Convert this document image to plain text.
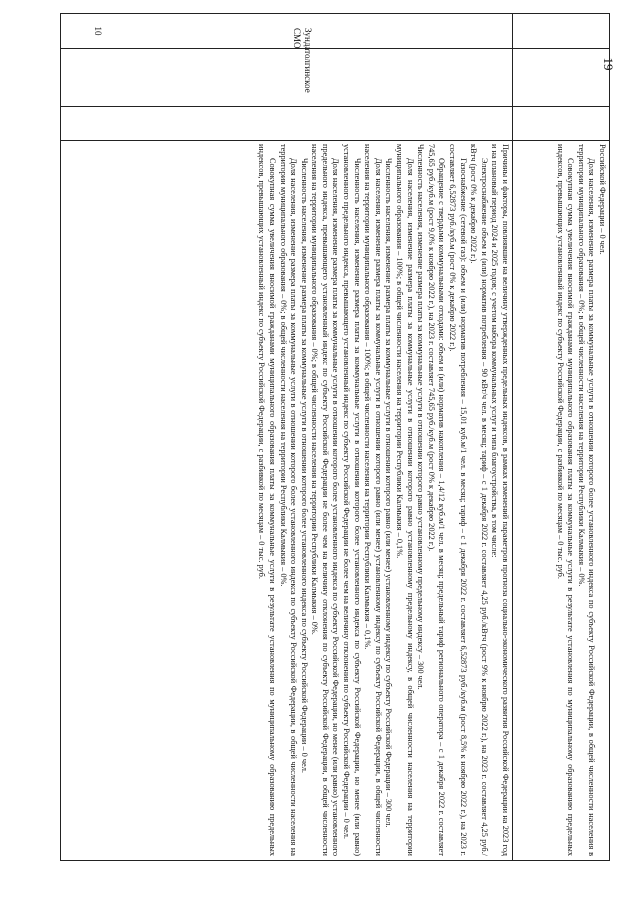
19

Российской Федерации – 0 чел.

Доля населения, изменение размера платы за коммунальные услуги в отношении которого более установленного индекса по субъекту Российской Федерации, в общей численности населения в территории муниципального образования – 0%; в общей численности населения на территории Республики Калмыкия – 0%.

Совокупная сумма увеличения вносимой гражданами муниципального образования платы за коммунальные услуги в результате установления по муниципальному образованию предельных индексов, превышающих установленный индекс по субъекту Российской Федерации, с разбивкой по месяцам – 0 тыс. руб.

10	Зундатолгинское СМО

Причины и факторы, повлиявшие на величину утвержденных предельных индексов, в рамках изменений параметров прогноза социально-экономического развития Российской Федерации на 2023 год и на плановый период 2024 и 2025 годов; с учетом набора коммунальных услуг и типа благоустройства, в том числе:

Электроснабжение объем и (или) норматив потребления – 90 кВт/ч чел. в месяц; тариф – с 1 декабря 2022 г. составляет 4,25 руб./кВтч (рост 9% к ноябрю 2022 г.), на 2023 г. составляет 4,25 руб./кВтч (рост 0% к декабрю 2022 г.).

Газоснабжение (сетевой газ): объем и (или) норматив потребления – 15,01 куб.м/1 чел. в месяц; тариф – с 1 декабря 2022 г. составляет 6,52873 руб./куб.м (рост 8,5% к ноябрю 2022 г.), на 2023 г. составляет 6,52873 руб./куб.м (рост 0% к декабрю 2022 г.).

Обращение с твердыми коммунальными отходами: объем и (или) норматив накопления – 1,4/12 куб.м/1 чел. в месяц; предельный тариф регионального оператора – с 1 декабря 2022 г. составляет 745,65 руб./куб.м (рост 9,0% к ноябрю 2022 г.), на 2023 г. составляет 745,65 руб./куб.м (рост 0% к декабрю 2022 г.).

Численность населения, изменение размера платы за коммунальные услуги в отношении которого равно установленному предельному индексу – 300 чел.

Доля населения, изменение размера платы за коммунальные услуги в отношении которого равно установленному предельному индексу, в общей численности населения на территории муниципального образования – 100%; в общей численности населения на территории Республики Калмыкия – 0,1%.

Численность населения, изменение размера платы за коммунальные услуги в отношении которого равно (или менее) установленному индексу по субъекту Российской Федерации – 300 чел.

Доля населения, изменение размера платы за коммунальные услуги в отношении которого равно (или менее) установленному индексу по субъекту Российской Федерации, в общей численности населения на территории муниципального образования – 100%; в общей численности населения на территории Республики Калмыкия – 0,1%.

Численность населения, изменение размера платы за коммунальные услуги в отношении которого более установленного индекса по субъекту Российской Федерации, но менее (или равно) установленного предельного индекса, превышающего установленный индекс по субъекту Российской Федерации не более чем на величину отклонения по субъекту Российской Федерации – 0 чел.

Доля населения, изменение размера платы за коммунальные услуги в отношении которого более установленного индекса по субъекту Российской Федерации, но менее (или равно) установленного предельного индекса, превышающего установленный индекс по субъекту Российской Федерации не более чем на величину отклонения по субъекту Российской Федерации, в общей численности населения на территории муниципального образования – 0%; в общей численности населения на территории Республики Калмыкия – 0%.

Численность населения, изменение размера платы за коммунальные услуги в отношении которого более установленного индекса по субъекту Российской Федерации – 0 чел.

Доля населения, изменение размера платы за коммунальные услуги в отношении которого более установленного индекса по субъекту Российской Федерации, в общей численности населения на территории муниципального образования – 0%; в общей численности населения на территории Республики Калмыкия – 0%.

Совокупная сумма увеличения вносимой гражданами муниципального образования платы за коммунальные услуги в результате установления по муниципальному образованию предельных индексов, превышающих установленный индекс по субъекту Российской Федерации, с разбивкой по месяцам – 0 тыс. руб.
